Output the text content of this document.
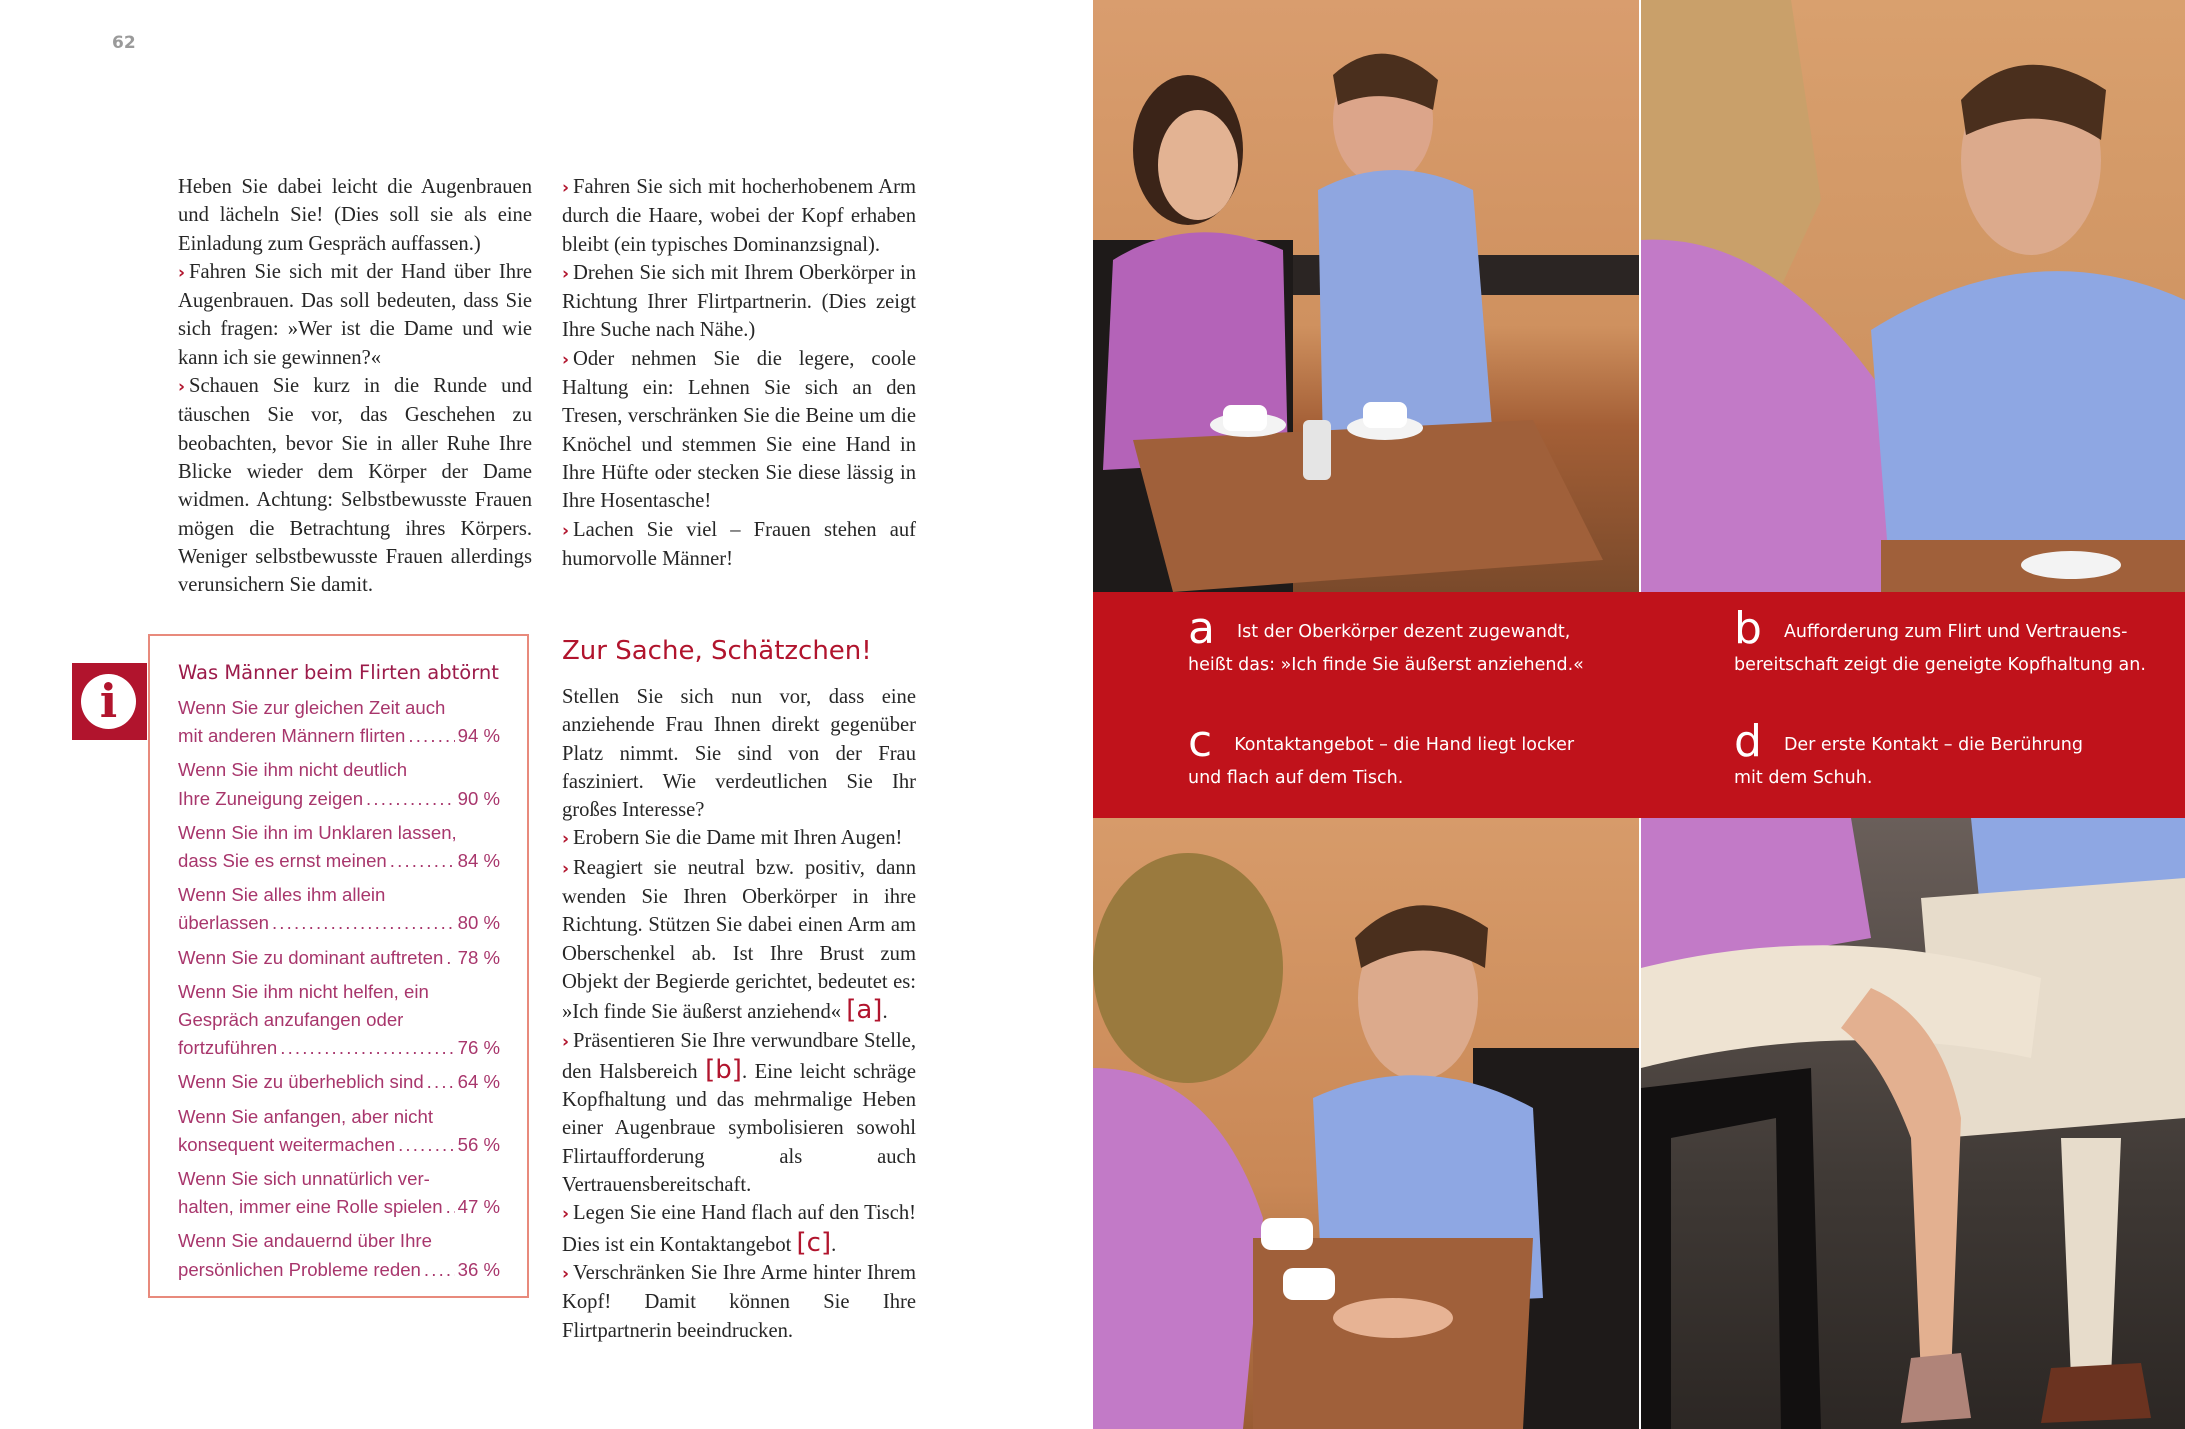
62

Heben Sie dabei leicht die Augenbrauen und lächeln Sie! (Dies soll sie als eine Einladung zum Gespräch auffassen.)

› Fahren Sie sich mit der Hand über Ihre Augenbrauen. Das soll bedeuten, dass Sie sich fragen: »Wer ist die Dame und wie kann ich sie gewinnen?«

› Schauen Sie kurz in die Runde und täuschen Sie vor, das Geschehen zu beobachten, bevor Sie in aller Ruhe Ihre Blicke wieder dem Körper der Dame widmen. Achtung: Selbstbewusste Frauen mögen die Betrachtung ihres Körpers. Weniger selbstbewusste Frauen allerdings verunsichern Sie damit.

› Fahren Sie sich mit hocherhobenem Arm durch die Haare, wobei der Kopf erhaben bleibt (ein typisches Dominanzsignal).

› Drehen Sie sich mit Ihrem Oberkörper in Richtung Ihrer Flirtpartnerin. (Dies zeigt Ihre Suche nach Nähe.)

› Oder nehmen Sie die legere, coole Haltung ein: Lehnen Sie sich an den Tresen, verschränken Sie die Beine um die Knöchel und stemmen Sie eine Hand in Ihre Hüfte oder stecken Sie diese lässig in Ihre Hosentasche!

› Lachen Sie viel – Frauen stehen auf humorvolle Männer!

Zur Sache, Schätzchen!

Stellen Sie sich nun vor, dass eine anziehende Frau Ihnen direkt gegenüber Platz nimmt. Sie sind von der Frau fasziniert. Wie verdeutlichen Sie Ihr großes Interesse?

› Erobern Sie die Dame mit Ihren Augen!

› Reagiert sie neutral bzw. positiv, dann wenden Sie Ihren Oberkörper in ihre Richtung. Stützen Sie dabei einen Arm am Oberschenkel ab. Ist Ihre Brust zum Objekt der Begierde gerichtet, bedeutet es: »Ich finde Sie äußerst anziehend« [a].

› Präsentieren Sie Ihre verwundbare Stelle, den Halsbereich [b]. Eine leicht schräge Kopfhaltung und das mehrmalige Heben einer Augenbraue symbolisieren sowohl Flirtaufforderung als auch Vertrauensbereitschaft.

› Legen Sie eine Hand flach auf den Tisch! Dies ist ein Kontaktangebot [c].

› Verschränken Sie Ihre Arme hinter Ihrem Kopf! Damit können Sie Ihre Flirtpartnerin beeindrucken.

i
Was Männer beim Flirten abtörnt
Wenn Sie zur gleichen Zeit auch
mit anderen Männern flirten . . .	94 %
Wenn Sie ihm nicht deutlich
Ihre Zuneigung zeigen . . .	90 %
Wenn Sie ihn im Unklaren lassen,
dass Sie es ernst meinen . . .	84 %
Wenn Sie alles ihm allein
überlassen . . .	80 %
Wenn Sie zu dominant auftreten . . . 78 %
Wenn Sie ihm nicht helfen, ein
Gespräch anzufangen oder
fortzuführen . . .	76 %
Wenn Sie zu überheblich sind . . . 64 %
Wenn Sie anfangen, aber nicht
konsequent weitermachen . . .	56 %
Wenn Sie sich unnatürlich ver-
halten, immer eine Rolle spielen . . . 47 %
Wenn Sie andauernd über Ihre
persönlichen Probleme reden . . . 36 %

a Ist der Oberkörper dezent zugewandt,
heißt das: »Ich finde Sie äußerst anziehend.«

b Aufforderung zum Flirt und Vertrauens-
bereitschaft zeigt die geneigte Kopfhaltung an.

c Kontaktangebot – die Hand liegt locker
und flach auf dem Tisch.

d Der erste Kontakt – die Berührung
mit dem Schuh.
